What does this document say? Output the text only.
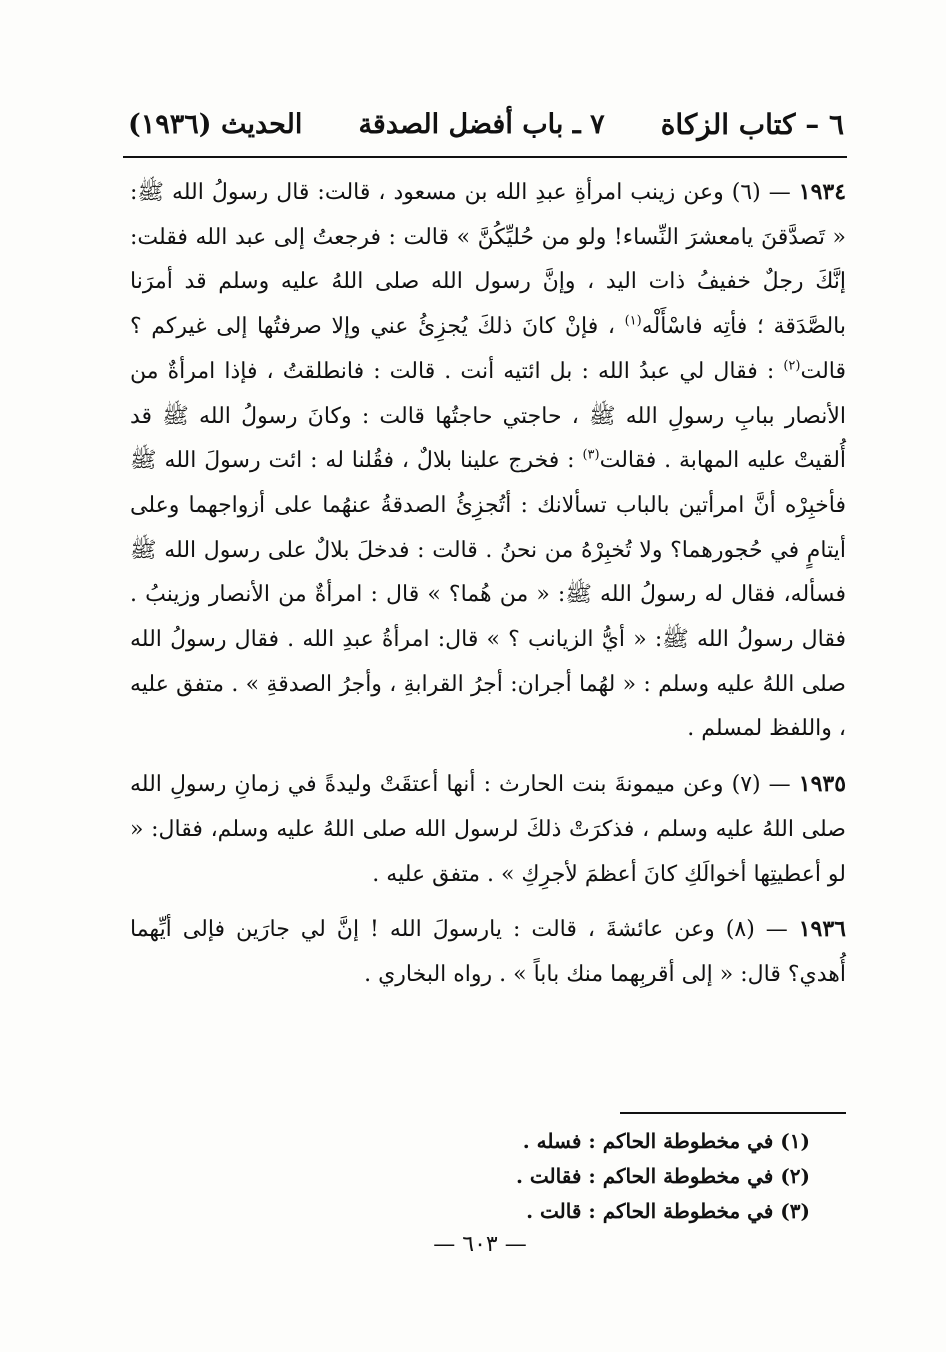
٦ – كتاب الزكاة
٧ ـ باب أفضل الصدقة
الحديث (١٩٣٦)

١٩٣٤ — (٦) وعن زينب امرأةِ عبدِ الله بن مسعود ، قالت: قال رسولُ الله ﷺ: « تَصدَّقنَ يامعشرَ النِّساء! ولو من حُليِّكُنَّ » قالت : فرجعتُ إلى عبد الله فقلت: إنَّكَ رجلٌ خفيفُ ذات اليد ، وإنَّ رسول الله صلى اللهُ عليه وسلم قد أمرَنا بالصَّدَقة ؛ فأتِه فاسْأَلْه$^{(١)}$ ، فإنْ كانَ ذلكَ يُجزِئُ عني وإلا صرفتُها إلى غيركم ؟ قالت$^{(٢)}$ : فقال لي عبدُ الله : بل ائتيه أنت . قالت : فانطلقتُ ، فإذا امرأةٌ من الأنصار ببابِ رسولِ الله ﷺ ، حاجتي حاجتُها قالت : وكانَ رسولُ الله ﷺ قد أُلقيتْ عليه المهابة . فقالت$^{(٣)}$ : فخرج علينا بلالٌ ، فقُلنا له : ائت رسولَ الله ﷺ فأخبِرْه أنَّ امرأتين بالباب تسألانك : أتُجزِئُ الصدقةُ عنهُما على أزواجهما وعلى أيتامٍ في حُجورهما؟ ولا تُخبِرْهُ من نحنُ . قالت : فدخلَ بلالٌ على رسول الله ﷺ فسأله، فقال له رسولُ الله ﷺ: « من هُما؟ » قال : امرأةٌ من الأنصار وزينبُ . فقال رسولُ الله ﷺ: « أيُّ الزيانب ؟ » قال: امرأةُ عبدِ الله . فقال رسولُ الله صلى اللهُ عليه وسلم : « لهُما أجران: أجرُ القرابةِ ، وأجرُ الصدقةِ » . متفق عليه ، واللفظ لمسلم .

١٩٣٥ — (٧) وعن ميمونةَ بنت الحارث : أنها أعتقَتْ وليدةً في زمانِ رسولِ الله صلى اللهُ عليه وسلم ، فذكرَتْ ذلكَ لرسول الله صلى اللهُ عليه وسلم، فقال: « لو أعطيتِها أخوالَكِ كانَ أعظمَ لأجرِكِ » . متفق عليه .

١٩٣٦ — (٨) وعن عائشةَ ، قالت : يارسولَ الله ! إنَّ لي جارَين فإلى أيِّهما أُهدي؟ قال: « إلى أقربِهما منك باباً » . رواه البخاري .

(١) في مخطوطة الحاكم : فسله .
(٢) في مخطوطة الحاكم : فقالت .
(٣) في مخطوطة الحاكم : قالت .
— ٦٠٣ —
